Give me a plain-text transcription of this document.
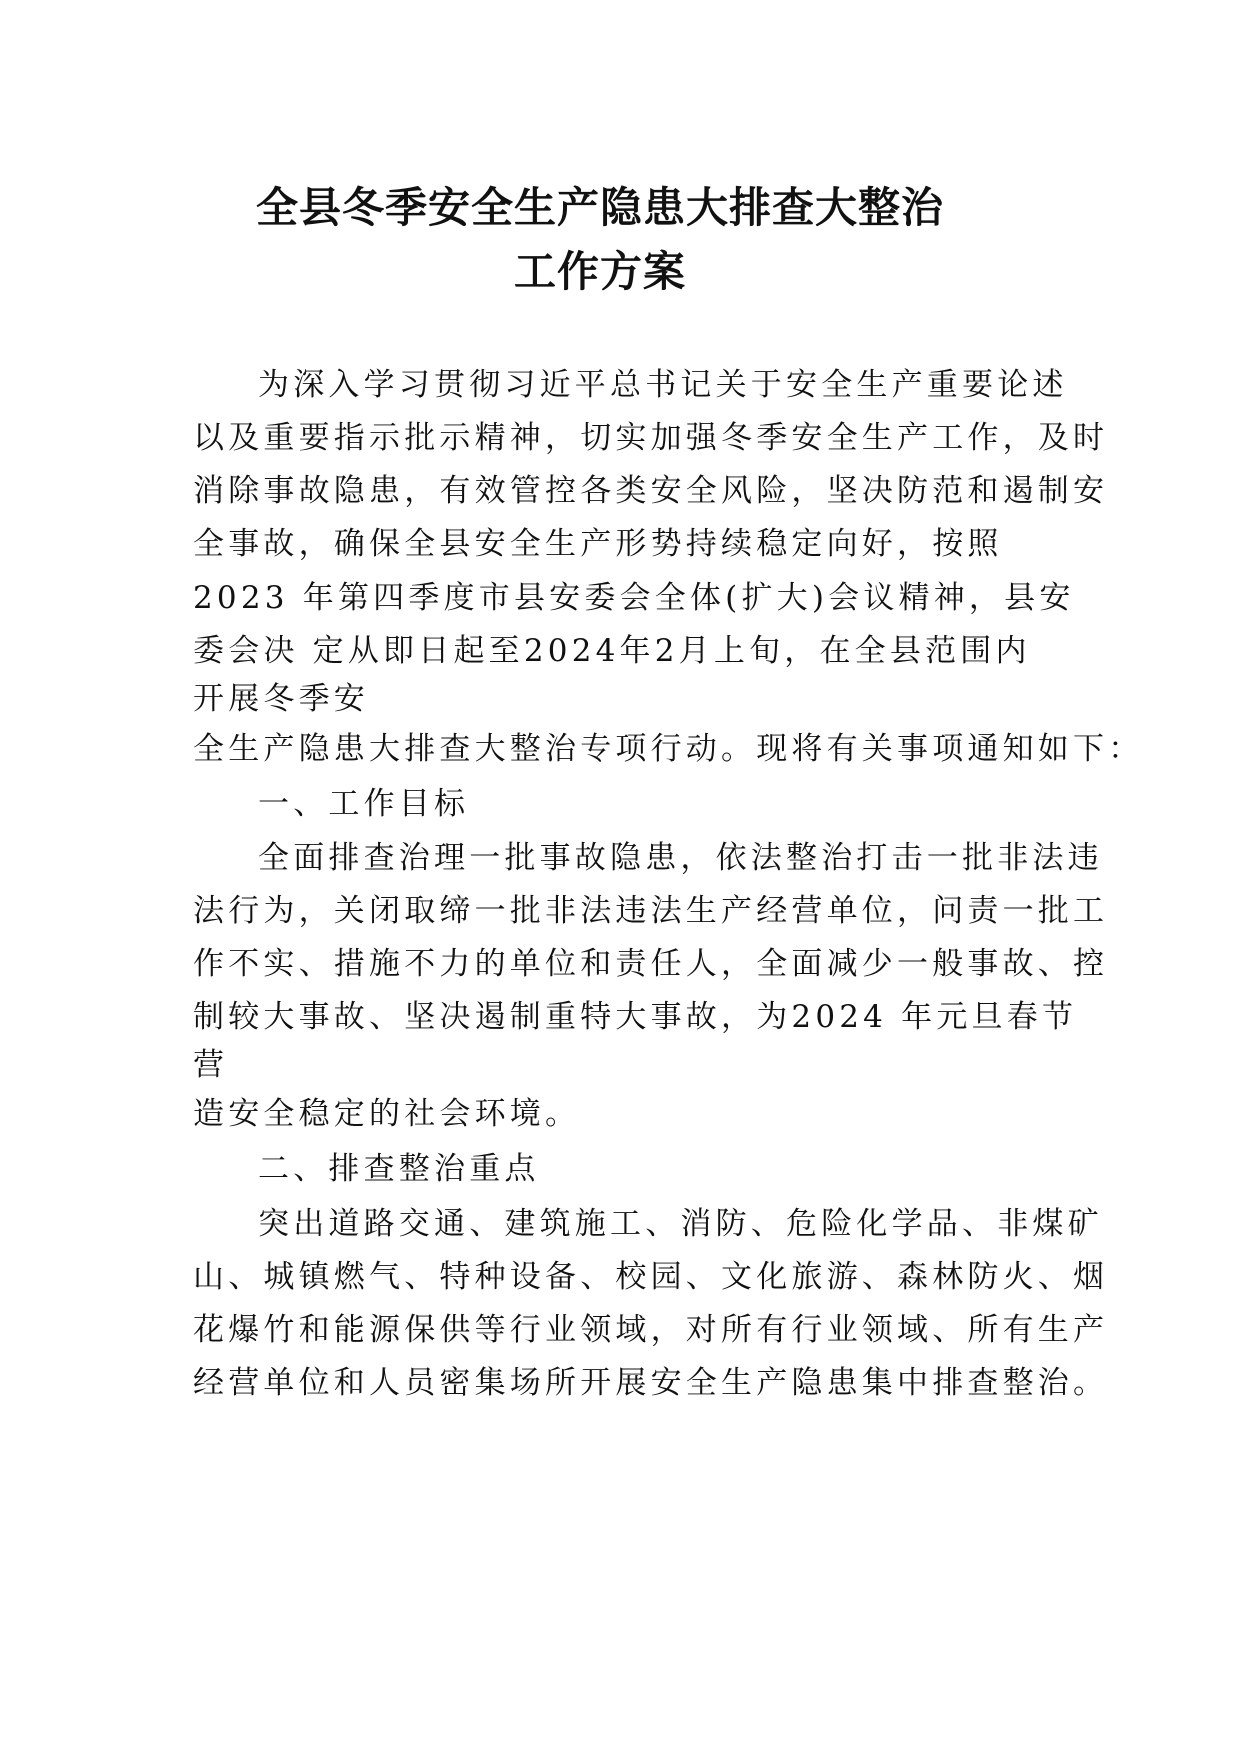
全县冬季安全生产隐患大排查大整治
工作方案
为深入学习贯彻习近平总书记关于安全生产重要论述
以及重要指示批示精神，切实加强冬季安全生产工作，及时
消除事故隐患，有效管控各类安全风险，坚决防范和遏制安
全事故，确保全县安全生产形势持续稳定向好，按照
2023 年第四季度市县安委会全体(扩大)会议精神，县安
委会决 定从即日起至2024年2月上旬，在全县范围内
开展冬季安
全生产隐患大排查大整治专项行动。现将有关事项通知如下：
一、工作目标
全面排查治理一批事故隐患，依法整治打击一批非法违
法行为，关闭取缔一批非法违法生产经营单位，问责一批工
作不实、措施不力的单位和责任人，全面减少一般事故、控
制较大事故、坚决遏制重特大事故，为2024 年元旦春节
营
造安全稳定的社会环境。
二、排查整治重点
突出道路交通、建筑施工、消防、危险化学品、非煤矿
山、城镇燃气、特种设备、校园、文化旅游、森林防火、烟
花爆竹和能源保供等行业领域，对所有行业领域、所有生产
经营单位和人员密集场所开展安全生产隐患集中排查整治。
